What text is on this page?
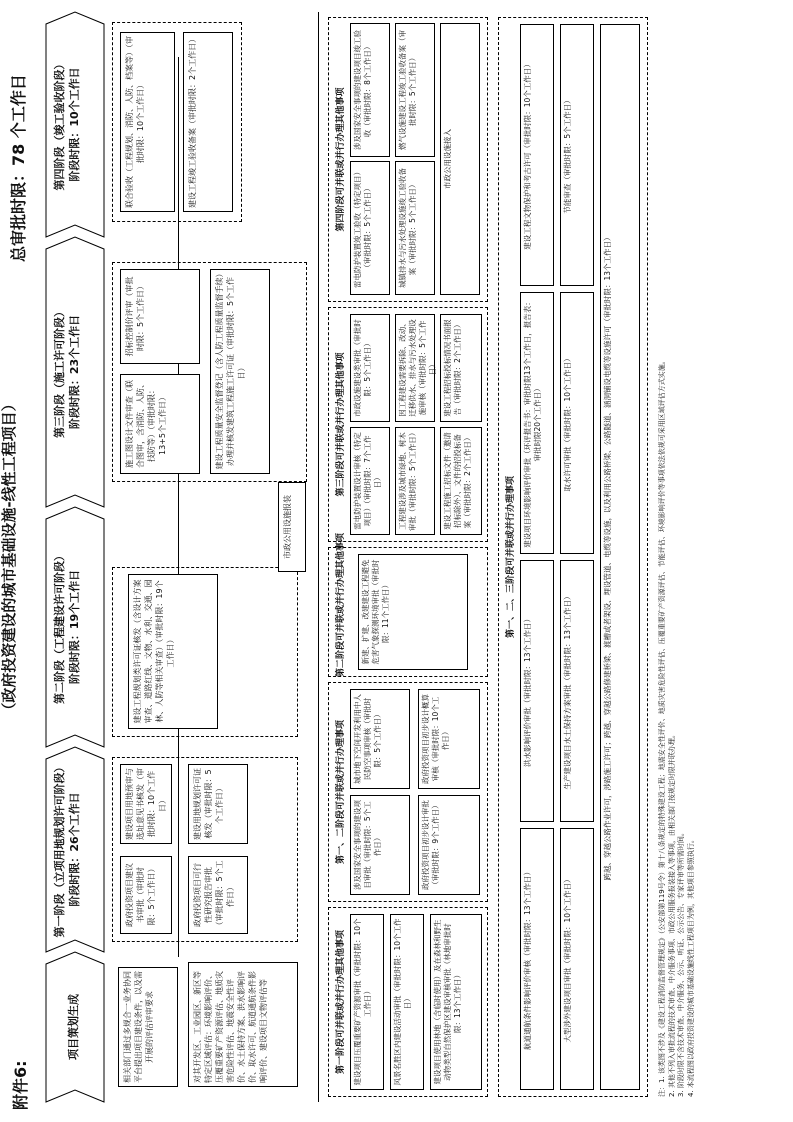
附件6:
（政府投资建设的城市基础设施-线性工程项目）
总审批时限：78 个工作日
项目策划生成
第一阶段（立项用地规划许可阶段） 阶段时限：26个工作日
第二阶段（工程建设许可阶段） 阶段时限：19个工作日
第三阶段（施工许可阶段） 阶段时限：23个工作日
第四阶段（竣工验收阶段） 阶段时限：10个工作日
相关部门通过多规合一业务协同平台提出项目建设条件，以及需开展的评估评审要求	对其开发区、工业园区、新区等特定区域评估：环境影响评价、压覆重要矿产资源评估、地质灾害危险性评估、地震安全性评价、水土保持方案、洪水影响评价、取水许可、航道通航条件影响评价、建设项目文物评估等
政府投资项目建议书审批（审批时限：5个工作日）
建设项目用地预审与选址意见书核发（审批时限：10个工作日）
政府投资项目可行性研究报告审批（审批时限：5个工作日）
建设用地规划许可证核发（审批时限：5个工作日）
建设工程规划类许可证核发（含设计方案审查、道路红线、文物、水利、交通、园林、人防等相关审查）（审批时限：19个工作日）
施工图设计文件审查（联合图审，含消防、人防、技防等）（审批时限：13+5个工作日）
招标控制价评审（审批时限：5个工作日）	建设工程质量安全监督登记（含人防工程质量监督手续）办理并核发建筑工程施工许可证（审批时限：5个工作日）
市政公用设施报装
联合验收（工程规划、消防、人防、档案等）（审批时限：10个工作日）	建设工程竣工验收备案（审批时限：2个工作日）
第一阶段可并联或并行办理其他事项 建设项目压覆重要矿产资源审批（审批时限：10个工作日）	风景名胜区内建设活动审批（审批时限：10个工作日）	建设项目使用林地（含临时使用）及在森林和野生动物类型自然保护区建设审核审批（林地审批时限：13个工作日）
第一、二阶段可并联或并行办理事项 涉及国家安全事项的建设项目审批（审批时限：5个工作日）
城市地下空间开发利用中人民防空事项审核（审批时限：5个工作日）
政府投资项目初步设计审批（审批时限：9个工作日）
政府投资项目初步设计概算审核（审批时限：10个工作日）
第二阶段可并联或并行办理其他事项	新建、扩建、改建建设工程避免危害气象探测环境审批（审批时限：11个工作日）
第三阶段可并联或并行办理其他事项 雷电防护装置设计审核（特定项目）（审批时限：7个工作日）
市政设施建设类审批（审批时限：5个工作日）
工程建设涉及城市绿地、树木审批（审批时限：5个工作日）
因工程建设需要拆除、改动、迁移供水、排水与污水处理设施审核（审批时限：5个工作日）
建设工程施工招标文件（邀请招标除外）、文件的招投标备案（审批时限：2个工作日）
建设工程招标投标情况书面报告（审批时限：2个工作日）
第四阶段可并联或并行办理其他事项 雷电防护装置竣工验收（特定项目）（审批时限：5个工作日）
涉及国家安全事项的建设项目竣工验收（审批时限：8个工作日）
城镇排水与污水处理设施竣工验收备案（审批时限：5个工作日）
燃气设施建设工程竣工验收备案（审批时限：5个工作日）
市政公用设施接入
第一、二、三阶段可并联或并行办理事项
航道通航条件影响评价审核（审批时限：13个工作日）
洪水影响评价审批（审批时限：13个工作日）
建设项目环境影响评价审批（环评报告书：审批时限13个工作日，报告表：审批时限20个工作日）
建设工程文物保护和考古许可（审批时限：10个工作日）
大型涉外建设项目审批（审批时限：10个工作日）
生产建设项目水土保持方案审批（审批时限：13个工作日）
取水许可审批（审批时限：10个工作日）
节能审查（审批时限：5个工作日）
跨越、穿越公路作业许可，涉路施工许可；跨越、穿越公路修建桥梁、渡槽或者架设、埋设管道、电缆等设施，以及利用公路桥梁、公路隧道、涵洞铺设电缆等设施许可（审批时限：13个工作日）	注：1. 该类图不涉及《建设工程消防监督管理规定》（公安部第119号令）第十八条规定的特殊建设工程；地震安全性评价、地质灾害危险性评估、压覆重要矿产资源评估、节能评估、环境影响评价等事项依法依规可采用区域评估方式实施。 2. 其他不列入审批流程的技术审查、中介服务事项、市政公用服务报装接入等事项，由相关部门按规定时限并联办理。 3. 阶段时限不含技术审查、中介服务、公示、听证、公示公告、专家评审等所需时间。 4. 本流程图以政府投资建设的城市基础设施线性工程项目为例，其他项目参照执行。
